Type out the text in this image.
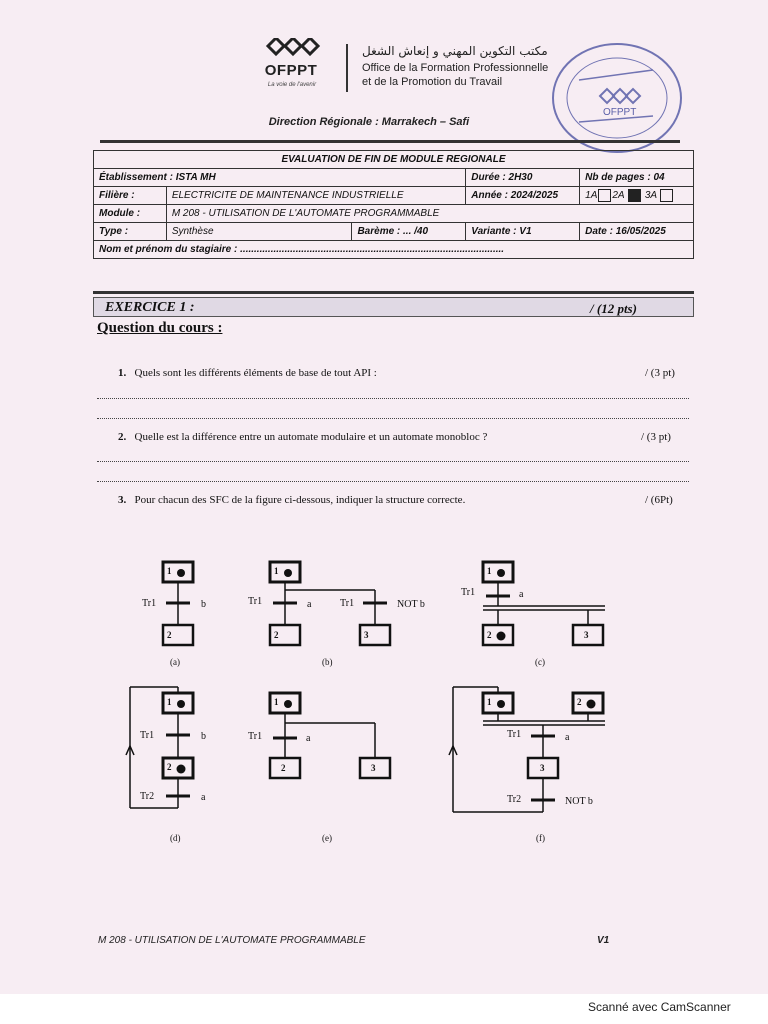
OFPPT
La voie de l'avenir
مكتب التكوين المهني و إنعاش الشغل
Office de la Formation Professionnelle
et de la Promotion du Travail
OFPPT
Direction Régionale : Marrakech – Safi
EVALUATION DE FIN DE MODULE REGIONALE				
Établissement : ISTA MH			Durée : 2H30	Nb de pages : 04
Filière :	ELECTRICITE DE MAINTENANCE INDUSTRIELLE		Année : 2024/2025	1A 2A 3A
Module :	M 208 - UTILISATION DE L'AUTOMATE PROGRAMMABLE			
Type :	Synthèse	Barème : ... /40	Variante : V1	Date : 16/05/2025
Nom et prénom du stagiaire : ...............................................................................................				
EXERCICE 1 :	/ (12 pts)
Question du cours :
1. Quels sont les différents éléments de base de tout API :	/ (3 pt)
2. Quelle est la différence entre un automate modulaire et un automate monobloc ?	/ (3 pt)
3. Pour chacun des SFC de la figure ci-dessous, indiquer la structure correcte.	/ (6Pt)
1
2
1
2	3
1
2	3
1
2
1
2	3
1	2
3
Tr1	b	Tr1	a	Tr1	NOT b
Tr1	a
Tr1	b
Tr2	a
Tr1	a	Tr1	a
Tr2	NOT b
(a)	(b)	(c)
(d)	(e)	(f)
M 208 - UTILISATION DE L'AUTOMATE PROGRAMMABLE	V1
Scanné avec CamScanner
